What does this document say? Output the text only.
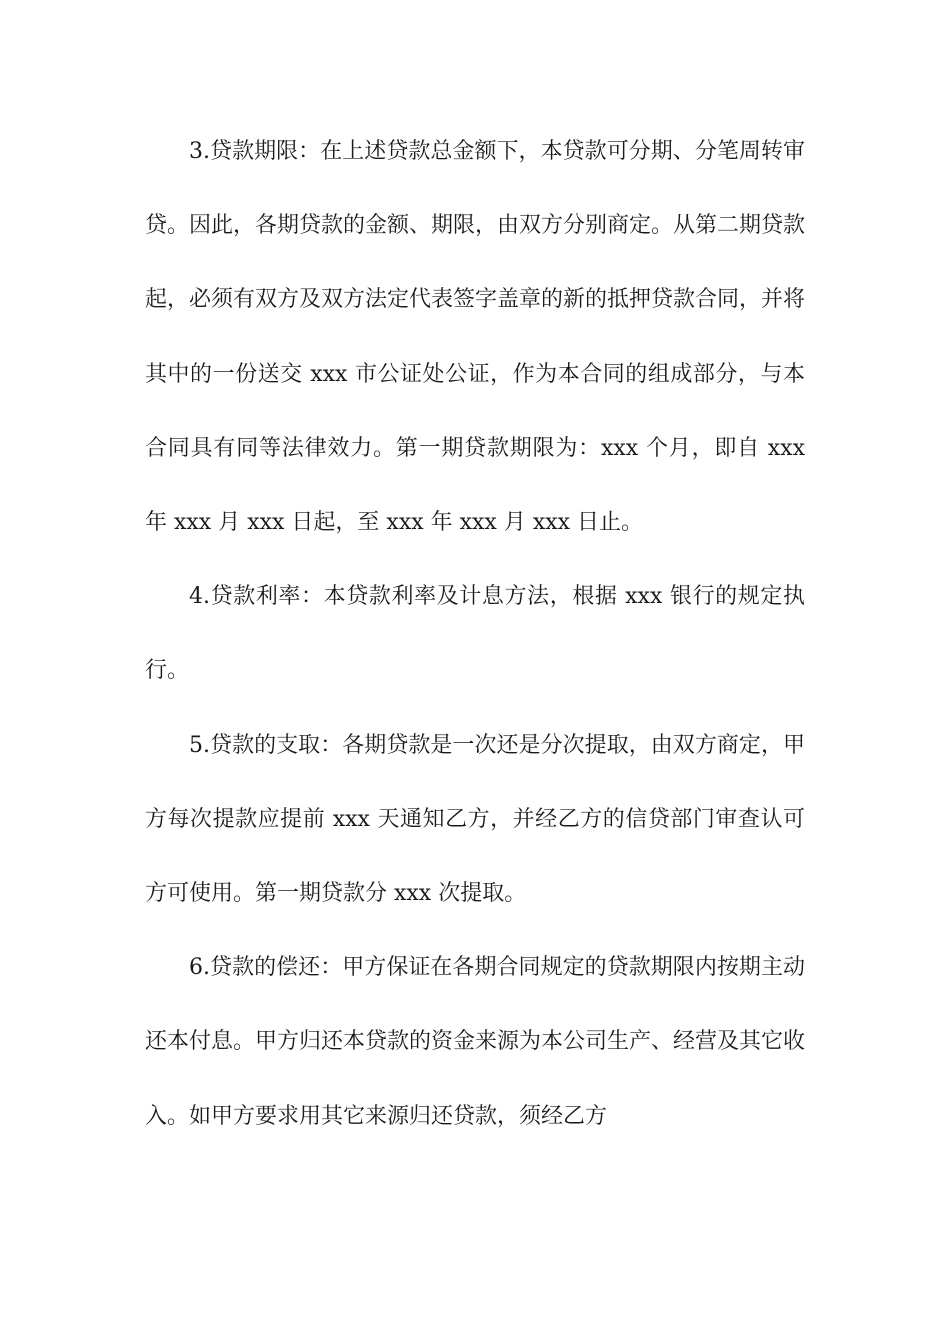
3.贷款期限：在上述贷款总金额下，本贷款可分期、分笔周转审贷。因此，各期贷款的金额、期限，由双方分别商定。从第二期贷款起，必须有双方及双方法定代表签字盖章的新的抵押贷款合同，并将其中的一份送交 xxx 市公证处公证，作为本合同的组成部分，与本合同具有同等法律效力。第一期贷款期限为：xxx 个月，即自 xxx 年 xxx 月 xxx 日起，至 xxx 年 xxx 月 xxx 日止。

4.贷款利率：本贷款利率及计息方法，根据 xxx 银行的规定执行。

5.贷款的支取：各期贷款是一次还是分次提取，由双方商定，甲方每次提款应提前 xxx 天通知乙方，并经乙方的信贷部门审查认可方可使用。第一期贷款分 xxx 次提取。

6.贷款的偿还：甲方保证在各期合同规定的贷款期限内按期主动还本付息。甲方归还本贷款的资金来源为本公司生产、经营及其它收入。如甲方要求用其它来源归还贷款，须经乙方
